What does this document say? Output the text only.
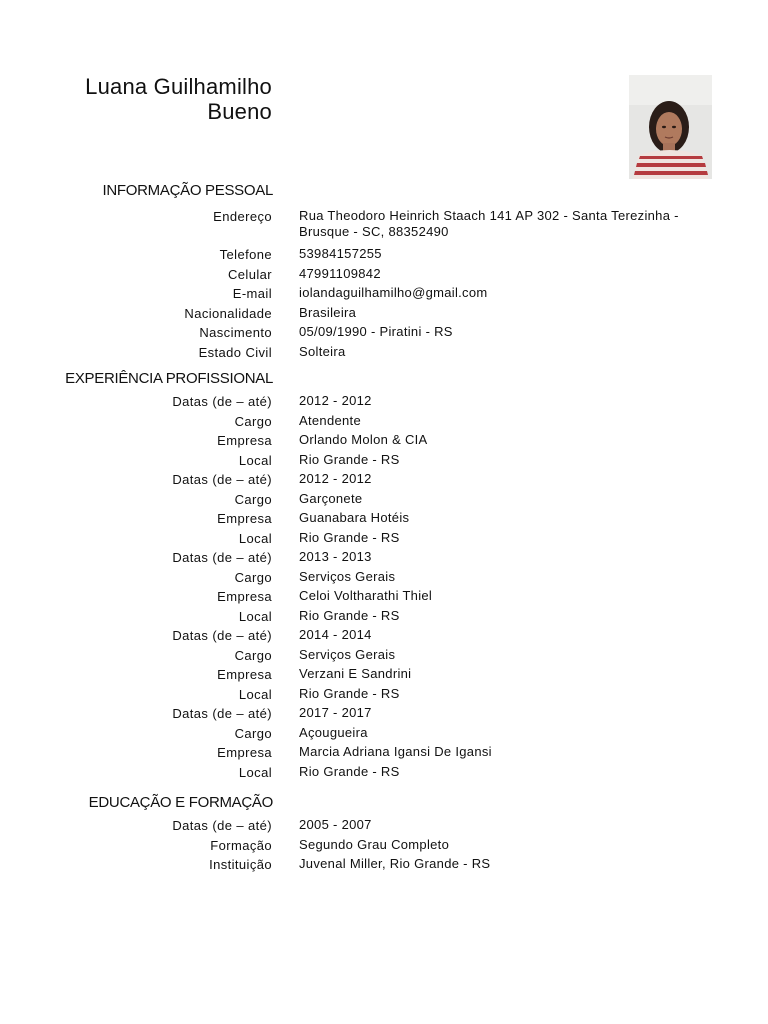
Luana Guilhamilho
Bueno
INFORMAÇÃO PESSOAL
Endereço Rua Theodoro Heinrich Staach 141 AP 302 - Santa Terezinha - Brusque - SC, 88352490
Telefone 53984157255
Celular 47991109842
E-mail iolandaguilhamilho@gmail.com
Nacionalidade Brasileira
Nascimento 05/09/1990 - Piratini - RS
Estado Civil Solteira
EXPERIÊNCIA PROFISSIONAL
Datas (de – até) 2012 - 2012
Cargo Atendente
Empresa Orlando Molon & CIA
Local Rio Grande - RS
Datas (de – até) 2012 - 2012
Cargo Garçonete
Empresa Guanabara Hotéis
Local Rio Grande - RS
Datas (de – até) 2013 - 2013
Cargo Serviços Gerais
Empresa Celoi Voltharathi Thiel
Local Rio Grande - RS
Datas (de – até) 2014 - 2014
Cargo Serviços Gerais
Empresa Verzani E Sandrini
Local Rio Grande - RS
Datas (de – até) 2017 - 2017
Cargo Açougueira
Empresa Marcia Adriana Igansi De Igansi
Local Rio Grande - RS
EDUCAÇÃO E FORMAÇÃO
Datas (de – até) 2005 - 2007
Formação Segundo Grau Completo
Instituição Juvenal Miller, Rio Grande - RS
